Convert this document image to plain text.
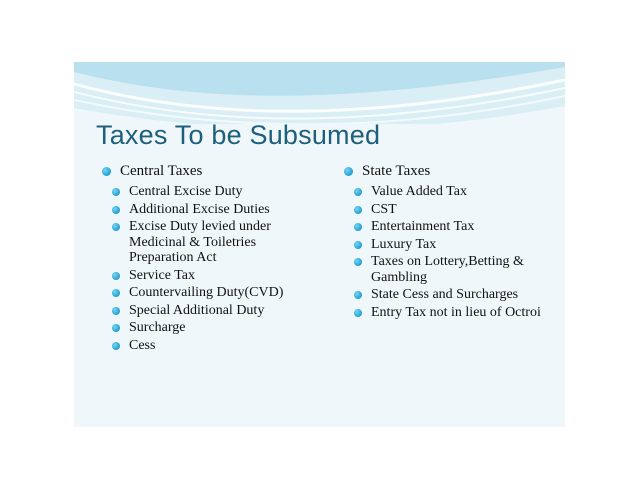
Taxes To be Subsumed
Central Taxes
Central Excise Duty
Additional Excise Duties
Excise Duty levied under Medicinal & Toiletries Preparation Act
Service Tax
Countervailing Duty(CVD)
Special Additional Duty
Surcharge
Cess
State Taxes
Value Added Tax
CST
Entertainment Tax
Luxury Tax
Taxes on Lottery,Betting & Gambling
State Cess and Surcharges
Entry Tax not in lieu of Octroi
